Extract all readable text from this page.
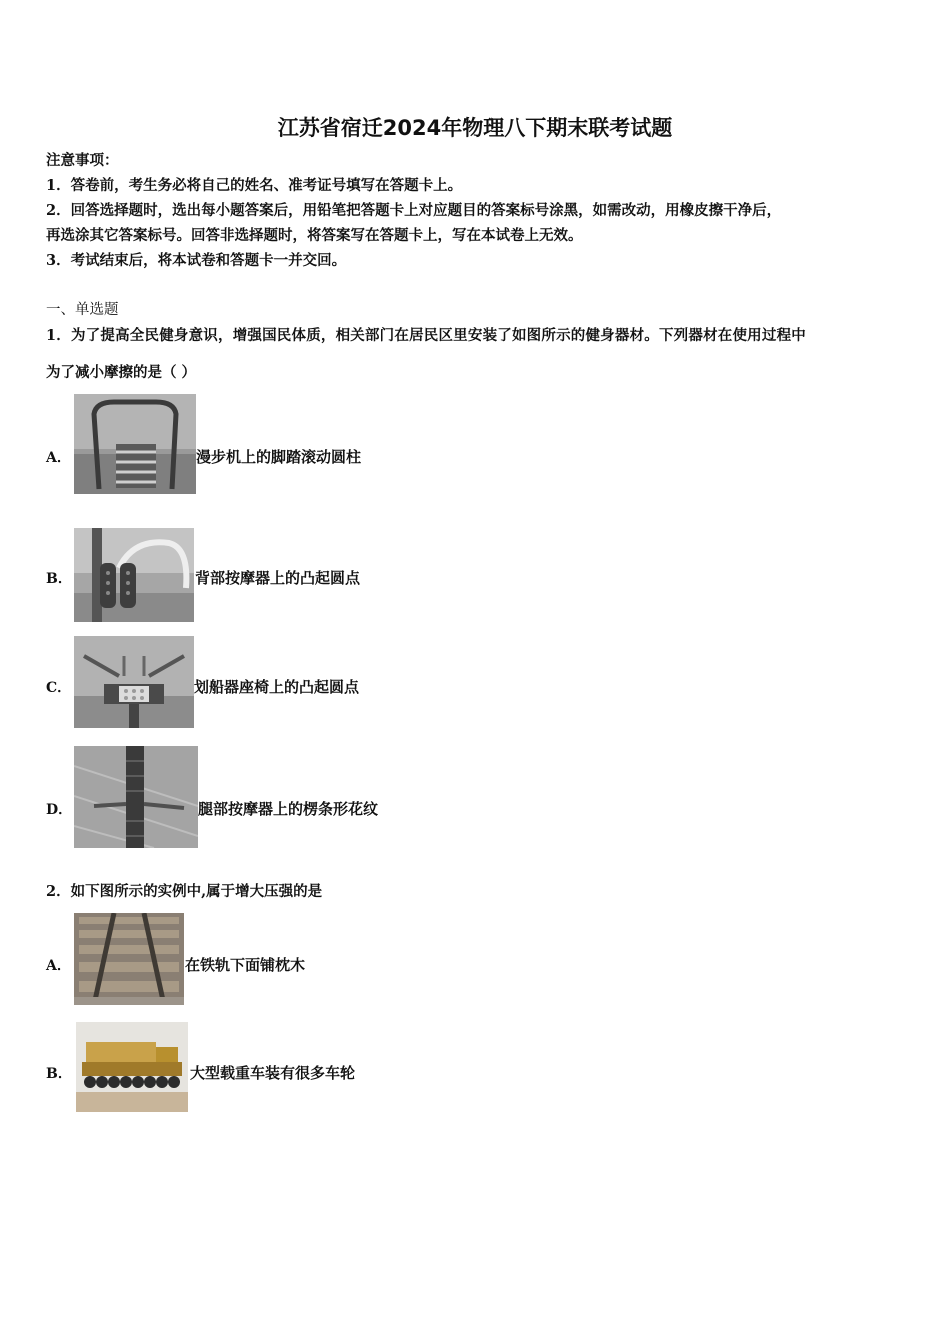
江苏省宿迁2024年物理八下期末联考试题
注意事项：
1．答卷前，考生务必将自己的姓名、准考证号填写在答题卡上。
2．回答选择题时，选出每小题答案后，用铅笔把答题卡上对应题目的答案标号涂黑，如需改动，用橡皮擦干净后，
再选涂其它答案标号。回答非选择题时，将答案写在答题卡上，写在本试卷上无效。
3．考试结束后，将本试卷和答题卡一并交回。
一、单选题
1．为了提高全民健身意识，增强国民体质，相关部门在居民区里安装了如图所示的健身器材。下列器材在使用过程中
为了减小摩擦的是（ ）
A．	漫步机上的脚踏滚动圆柱
B．	背部按摩器上的凸起圆点
C．	划船器座椅上的凸起圆点
D．	腿部按摩器上的楞条形花纹
2．如下图所示的实例中,属于增大压强的是
A．	在铁轨下面铺枕木
B．	大型载重车装有很多车轮
